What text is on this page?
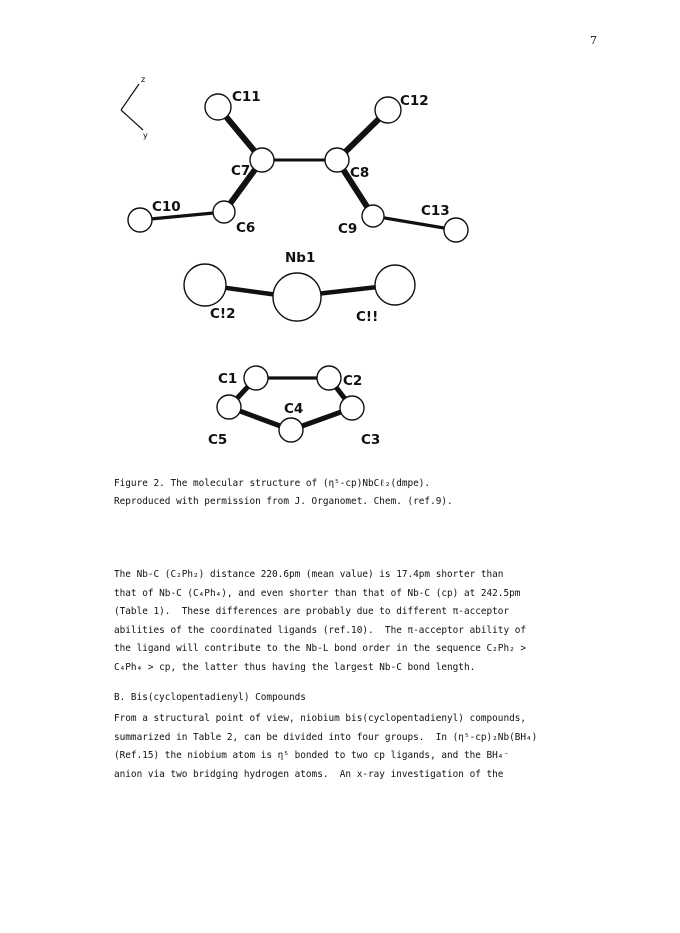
7
z
y
C11	C12
C7	C8
C10
C6	C9
C13
Nb1
C!2	C!!
C1	C2
C4
C5	C3
Figure 2. The molecular structure of (η⁵-cp)NbCℓ₂(dmpe).
Reproduced with permission from J. Organomet. Chem. (ref.9).
The Nb-C (C₂Ph₂) distance 220.6pm (mean value) is 17.4pm shorter than
that of Nb-C (C₄Ph₄), and even shorter than that of Nb-C (cp) at 242.5pm
(Table 1).  These differences are probably due to different π-acceptor
abilities of the coordinated ligands (ref.10).  The π-acceptor ability of
the ligand will contribute to the Nb-L bond order in the sequence C₂Ph₂ >
C₄Ph₄ > cp, the latter thus having the largest Nb-C bond length.
B. Bis(cyclopentadienyl) Compounds
From a structural point of view, niobium bis(cyclopentadienyl) compounds,
summarized in Table 2, can be divided into four groups.  In (η⁵-cp)₂Nb(BH₄)
(Ref.15) the niobium atom is η⁵ bonded to two cp ligands, and the BH₄⁻
anion via two bridging hydrogen atoms.  An x-ray investigation of the
